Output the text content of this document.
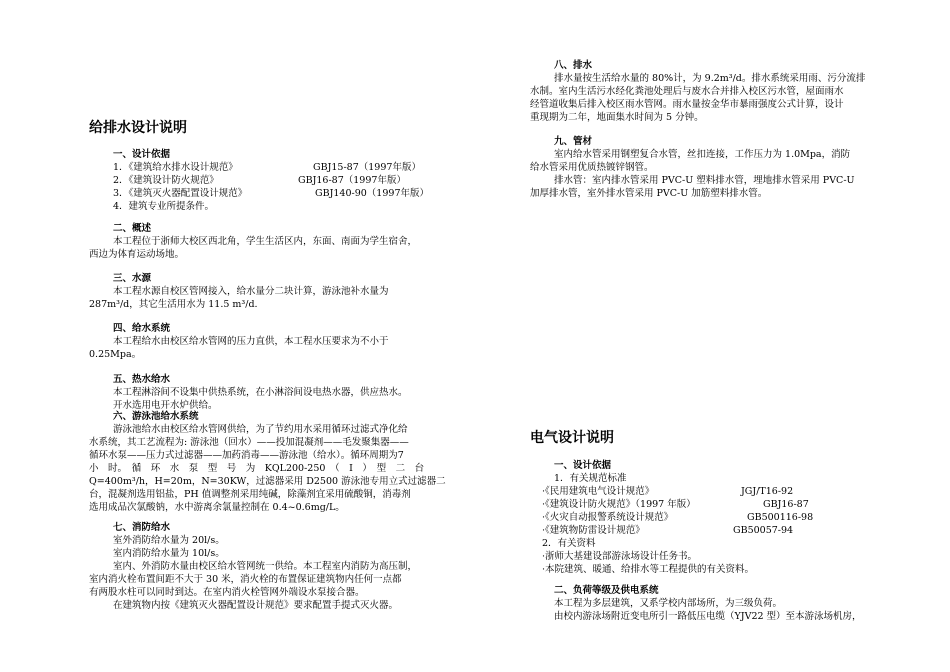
给排水设计说明
一、设计依据
1．《建筑给水排水设计规范》	GBJ15-87（1997年版）
2．《建筑设计防火规范》	GBJ16-87（1997年版）
3．《建筑灭火器配置设计规范》	GBJ140-90（1997年版）
4．建筑专业所提条件。
二、概述

本工程位于浙师大校区西北角，学生生活区内，东面、南面为学生宿舍，

西边为体育运动场地。

三、水源

本工程水源自校区管网接入，给水量分二块计算，游泳池补水量为

287m³/d，其它生活用水为 11.5 m³/d.

四、给水系统

本工程给水由校区给水管网的压力直供，本工程水压要求为不小于

0.25Mpa。

五、热水给水

本工程淋浴间不设集中供热系统，在小淋浴间设电热水器，供应热水。

开水选用电开水炉供给。

六、游泳池给水系统

游泳池给水由校区给水管网供给，为了节约用水采用循环过滤式净化给

水系统，其工艺流程为: 游泳池（回水）——投加混凝剂——毛发聚集器——

循环水泵——压力式过滤器——加药消毒——游泳池（给水）。循环周期为7

小　时。　循　环　水　泵　型　号　为　KQL200-250　（　Ⅰ　）　型　二　台

Q=400m³/h，H=20m，N=30KW，过滤器采用 D2500 游泳池专用立式过滤器二

台，混凝剂选用铝盐，PH 值调整剂采用纯碱，除藻剂宜采用硫酸铜，消毒剂

选用成品次氯酸钠，水中游离余氯量控制在 0.4~0.6mg/L。

七、消防给水

室外消防给水量为 20l/s。

室内消防给水量为 10l/s。

室内、外消防水量由校区给水管网统一供给。本工程室内消防为高压制，

室内消火栓布置间距不大于 30 米，消火栓的布置保证建筑物内任何一点都

有两股水柱可以同时到达。在室内消火栓管网外端设水泵接合器。

在建筑物内按《建筑灭火器配置设计规范》要求配置手提式灭火器。

八、排水

排水量按生活给水量的 80%计，为 9.2m³/d。排水系统采用雨、污分流排

水制。室内生活污水经化粪池处理后与废水合并排入校区污水管，屋面雨水

经管道收集后排入校区雨水管网。雨水量按金华市暴雨强度公式计算，设计

重现期为二年，地面集水时间为 5 分钟。

九、管材

室内给水管采用钢塑复合水管，丝扣连接，工作压力为 1.0Mpa，消防

给水管采用优质热镀锌钢管。

排水管：室内排水管采用 PVC-U 塑料排水管，埋地排水管采用 PVC-U

加厚排水管，室外排水管采用 PVC-U 加筋塑料排水管。

电气设计说明
一、设计依据
1．有关规范标准
·《民用建筑电气设计规范》	JGJ/T16-92
·《建筑设计防火规范》（1997 年版）	GBJ16-87
·《火灾自动报警系统设计规范》	GB500116-98
·《建筑物防雷设计规范》	GB50057-94
2．有关资料
·浙师大基建设部游泳场设计任务书。
·本院建筑、暖通、给排水等工程提供的有关资料。
二、负荷等级及供电系统

本工程为多层建筑，又系学校内部场所，为三级负荷。

由校内游泳场附近变电所引一路低压电缆（YJV22 型）至本游泳场机房，
